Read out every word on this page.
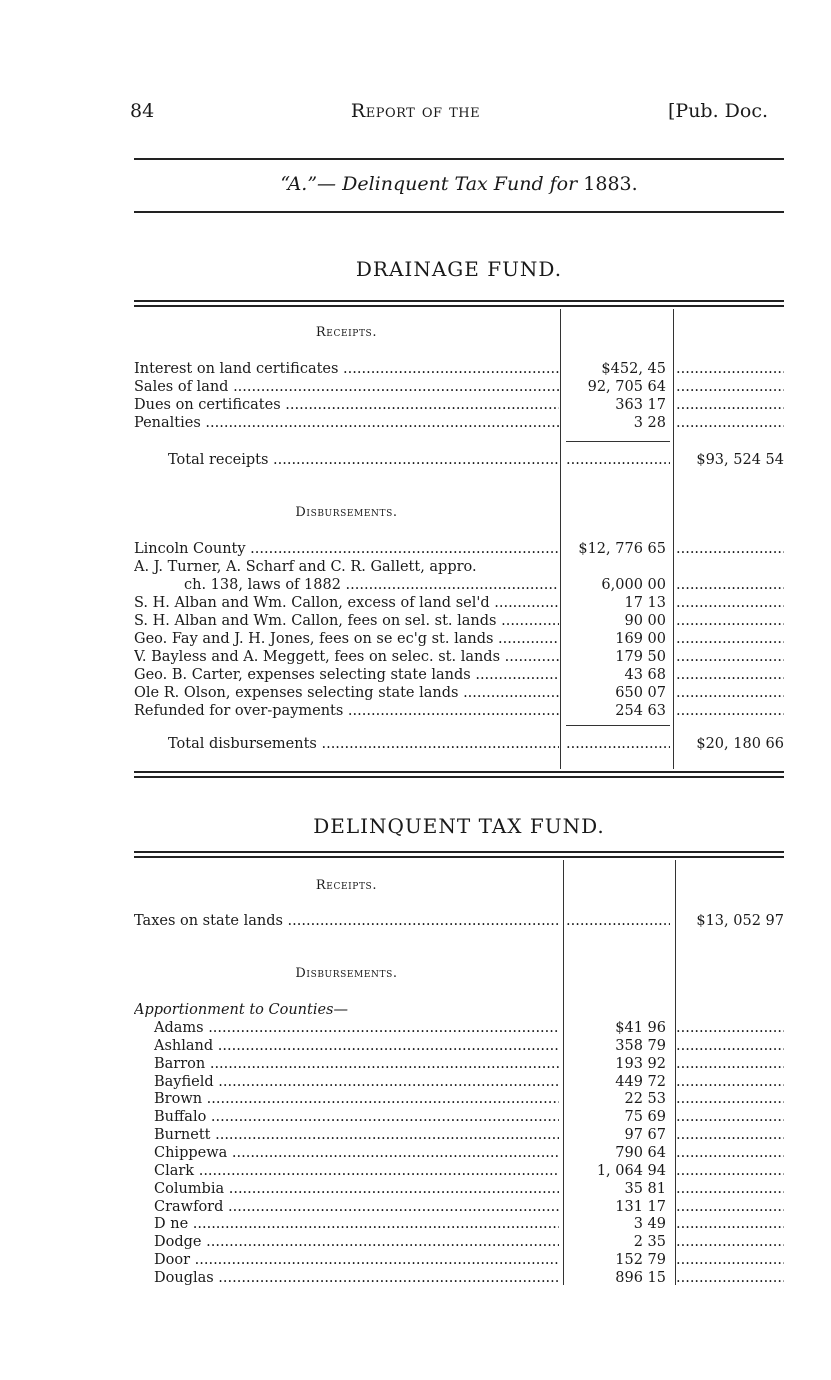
84	Report of the	[Pub. Doc.
“A.”— Delinquent Tax Fund for 1883.
DRAINAGE FUND.
Receipts.
Interest on land certificates .....	$452, 45
.....
Sales of land .....	92, 705 64
.....
Dues on certificates .....	363 17
.....
Penalties .....	3 28
.....
Total receipts ..... .....	$93, 524 54
Disbursements.
Lincoln County .....	$12, 776 65
.....
A. J. Turner, A. Scharf and C. R. Gallett, appro.
ch. 138, laws of 1882 .....	6,000 00
.....
S. H. Alban and Wm. Callon, excess of land sel'd .....	17 13
.....
S. H. Alban and Wm. Callon, fees on sel. st. lands .....	90 00
.....
Geo. Fay and J. H. Jones, fees on se ec'g st. lands .....	169 00
.....
V. Bayless and A. Meggett, fees on selec. st. lands .....	179 50
.....
Geo. B. Carter, expenses selecting state lands .....	43 68
.....
Ole R. Olson, expenses selecting state lands .....	650 07
.....
Refunded for over-payments .....	254 63
.....
Total disbursements ..... .....	$20, 180 66
DELINQUENT TAX FUND.
Receipts.
Taxes on state lands ..... .....	$13, 052 97
Disbursements.
Apportionment to Counties—
Adams .....	$41 96
.....
Ashland .....	358 79
.....
Barron .....	193 92
.....
Bayfield .....	449 72
.....
Brown .....	22 53
.....
Buffalo .....	75 69
.....
Burnett .....	97 67
.....
Chippewa .....	790 64
.....
Clark .....	1, 064 94
.....
Columbia .....	35 81
.....
Crawford .....	131 17
.....
D ne .....	3 49
.....
Dodge .....	2 35
.....
Door .....	152 79
.....
Douglas .....	896 15
.....
